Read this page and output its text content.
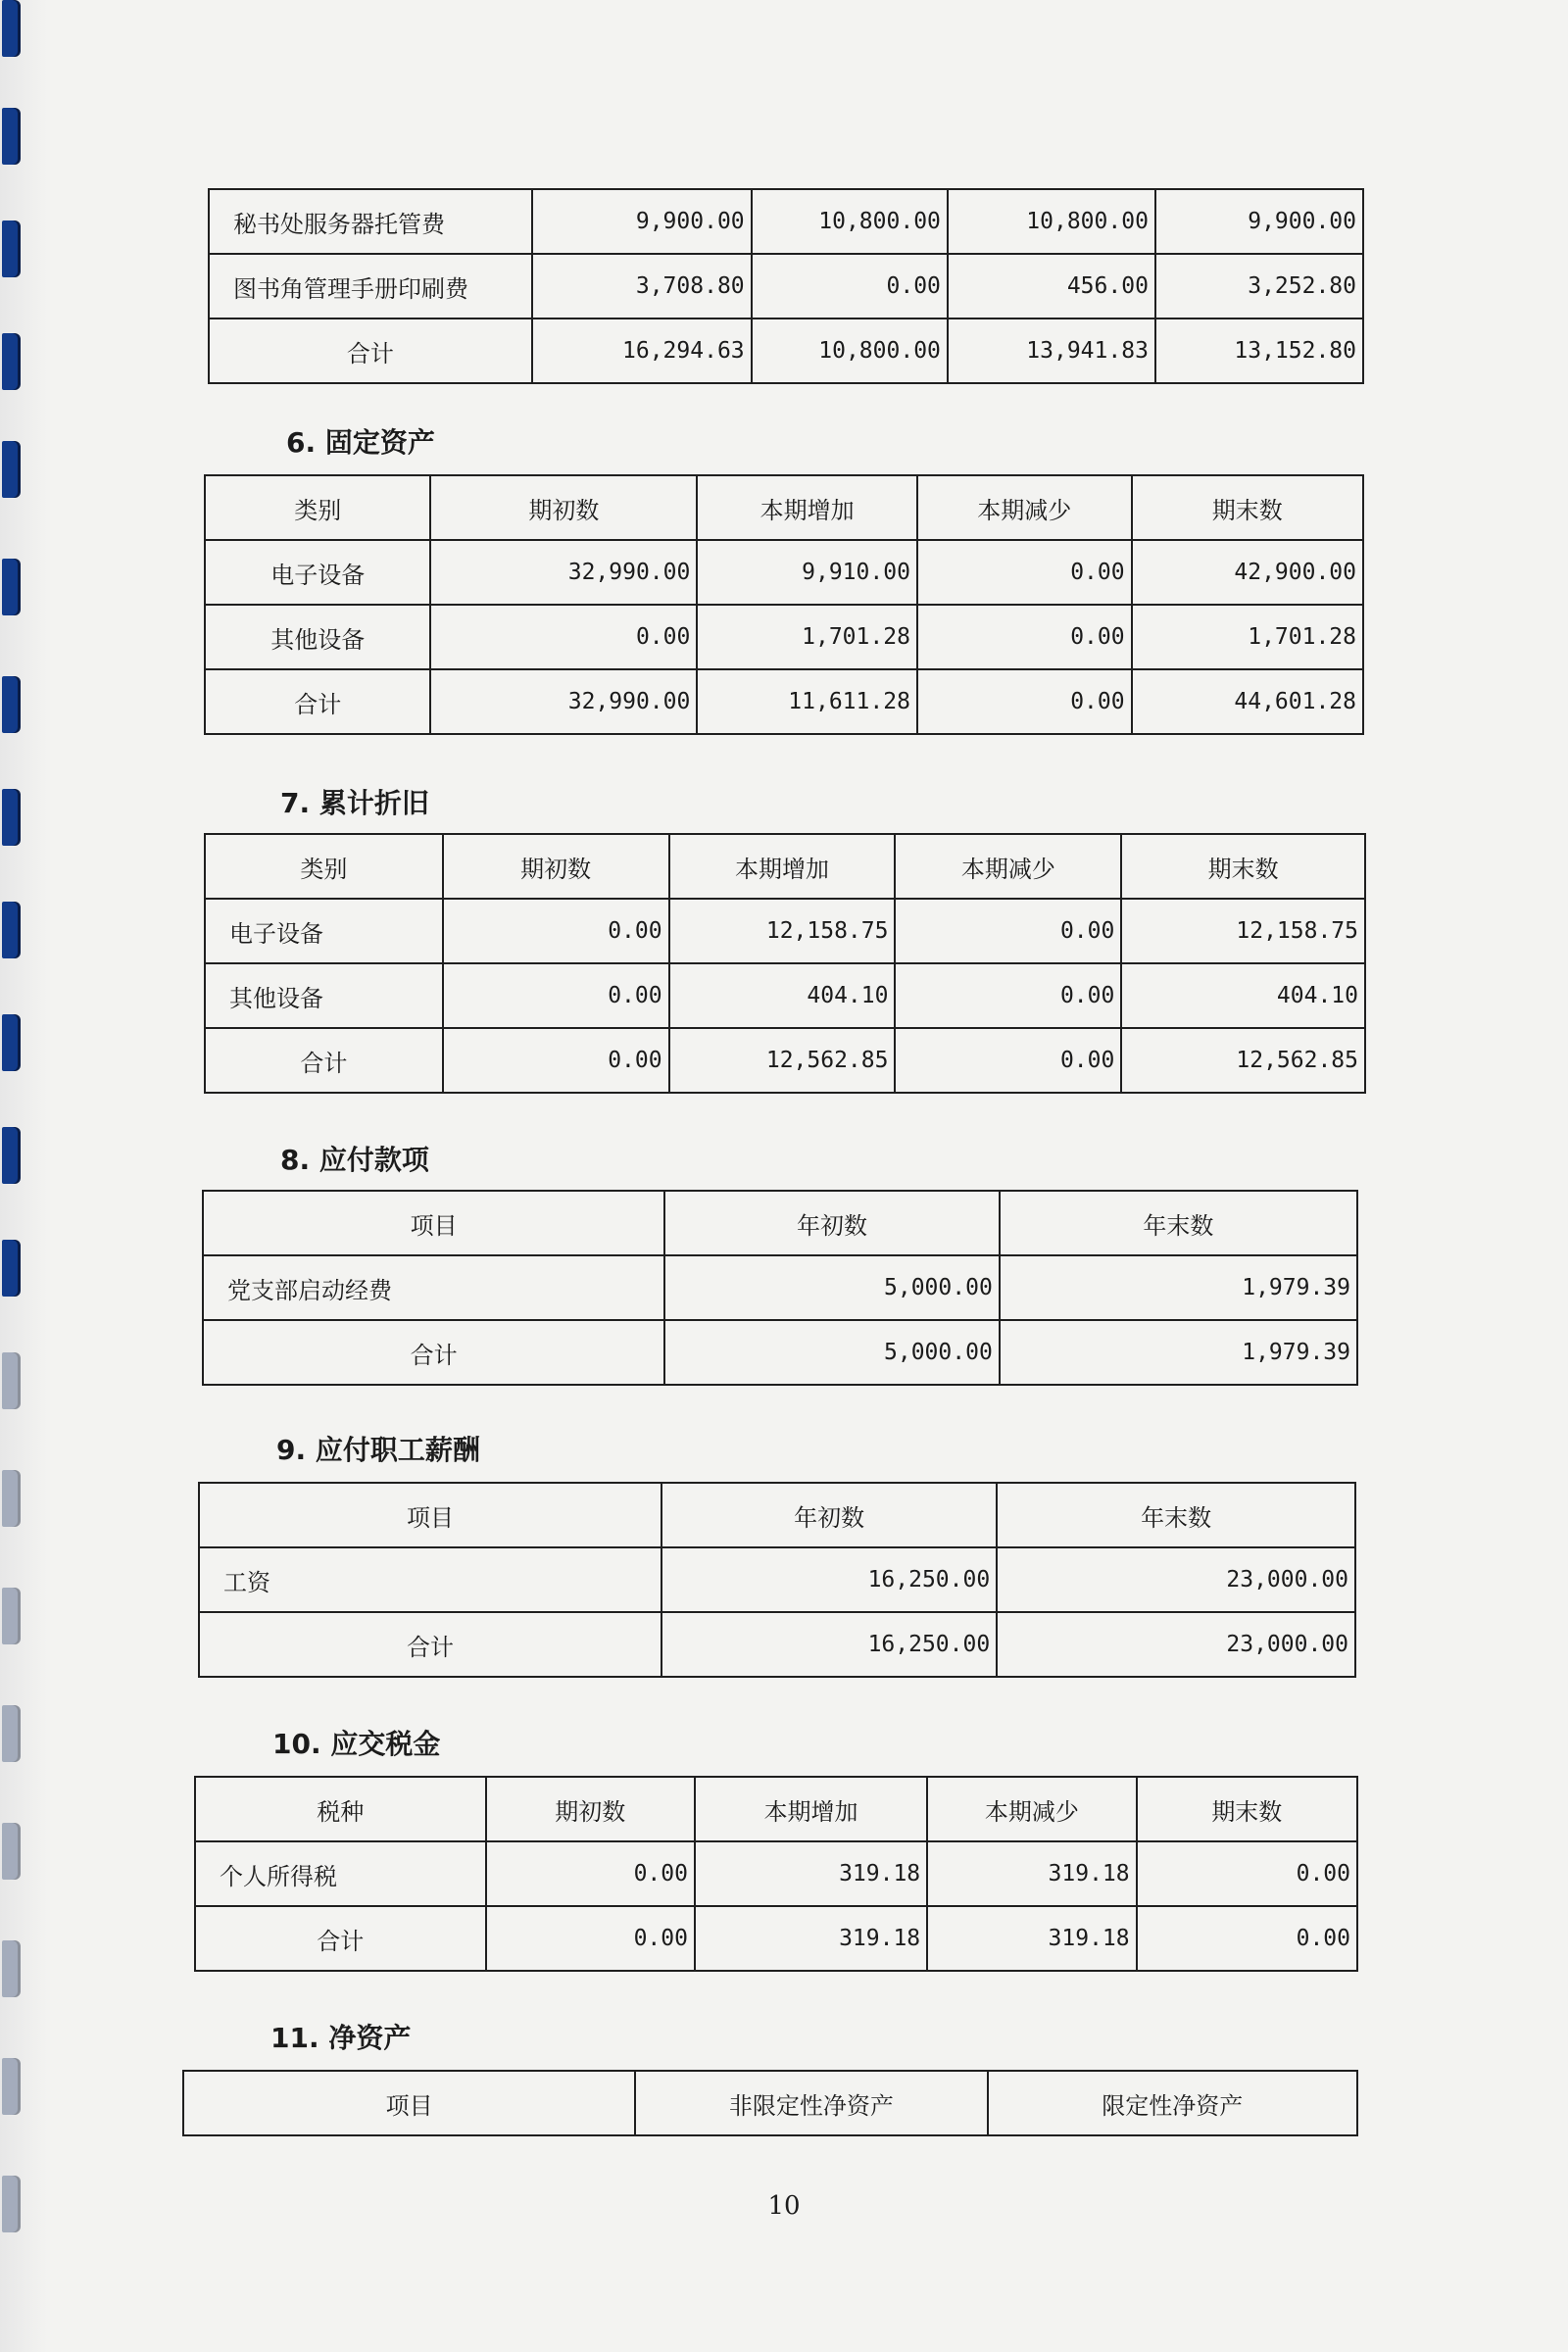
秘书处服务器托管费	9,900.00	10,800.00	10,800.00	9,900.00
图书角管理手册印刷费	3,708.80	0.00	456.00	3,252.80
合计	16,294.63	10,800.00	13,941.83	13,152.80
6. 固定资产
类别	期初数	本期增加	本期减少	期末数
电子设备	32,990.00	9,910.00	0.00	42,900.00
其他设备	0.00	1,701.28	0.00	1,701.28
合计	32,990.00	11,611.28	0.00	44,601.28
7. 累计折旧
类别	期初数	本期增加	本期减少	期末数
电子设备	0.00	12,158.75	0.00	12,158.75
其他设备	0.00	404.10	0.00	404.10
合计	0.00	12,562.85	0.00	12,562.85
8. 应付款项
项目	年初数	年末数
党支部启动经费	5,000.00	1,979.39
合计	5,000.00	1,979.39
9. 应付职工薪酬
项目	年初数	年末数
工资	16,250.00	23,000.00
合计	16,250.00	23,000.00
10. 应交税金
税种	期初数	本期增加	本期减少	期末数
个人所得税	0.00	319.18	319.18	0.00
合计	0.00	319.18	319.18	0.00
11. 净资产
项目	非限定性净资产	限定性净资产
10
